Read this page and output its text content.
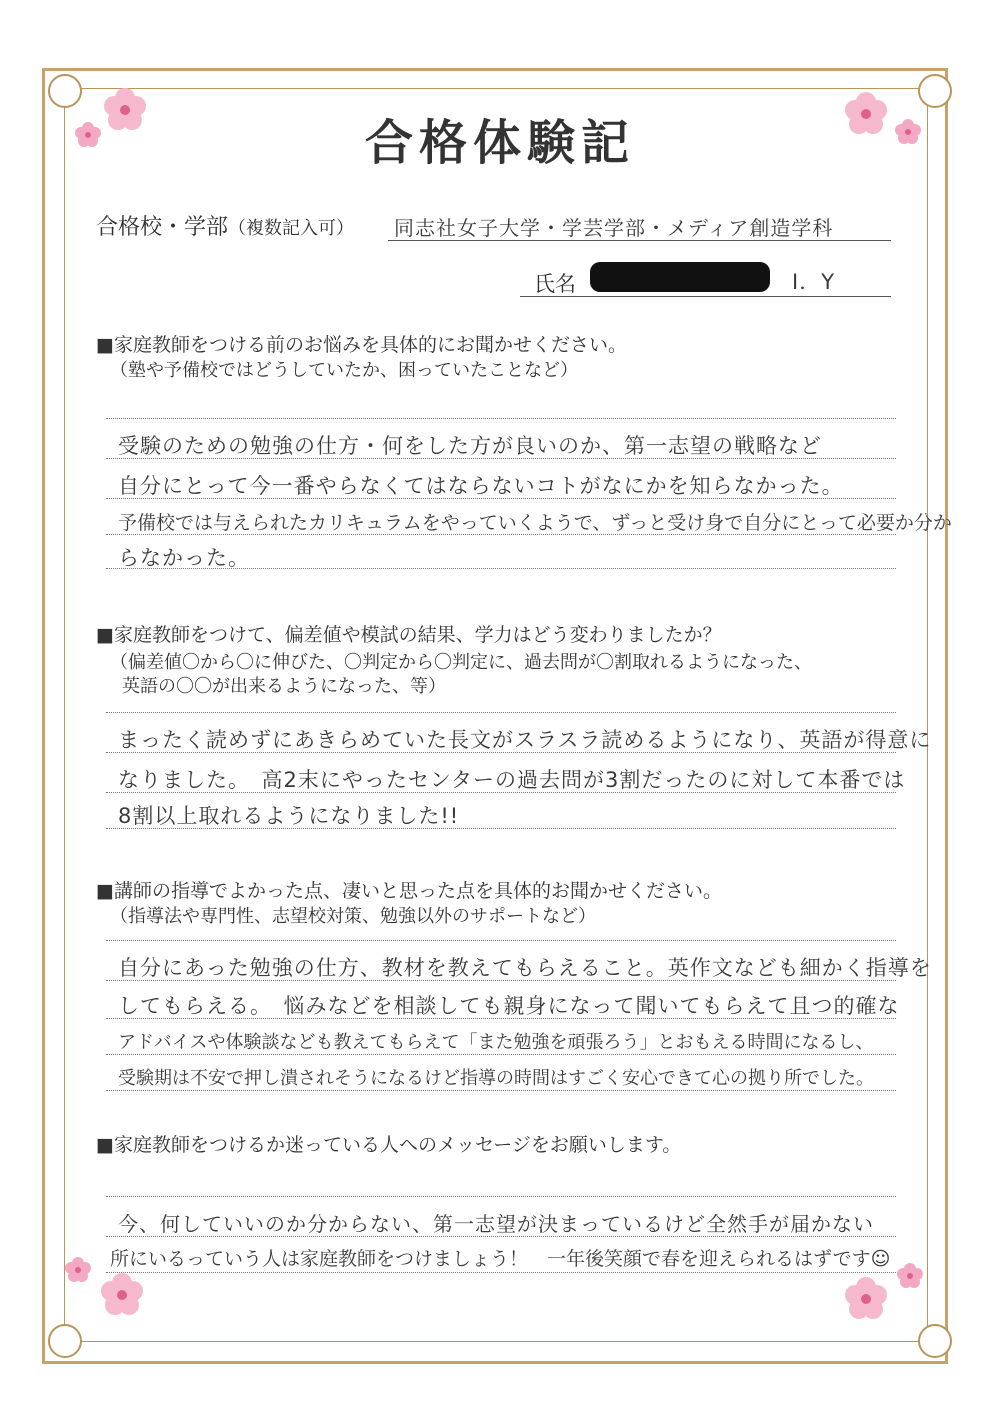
合格体験記
合格校・学部（複数記入可） 同志社女子大学・学芸学部・メディア創造学科
氏名	I．Y
■家庭教師をつける前のお悩みを具体的にお聞かせください。
（塾や予備校ではどうしていたか、困っていたことなど）
受験のための勉強の仕方・何をした方が良いのか、第一志望の戦略など
自分にとって今一番やらなくてはならないコトがなにかを知らなかった。
予備校では与えられたカリキュラムをやっていくようで、ずっと受け身で自分にとって必要か分か
らなかった。
■家庭教師をつけて、偏差値や模試の結果、学力はどう変わりましたか？
（偏差値〇から〇に伸びた、〇判定から〇判定に、過去問が〇割取れるようになった、
英語の〇〇が出来るようになった、等）
まったく読めずにあきらめていた長文がスラスラ読めるようになり、英語が得意に
なりました。　高2末にやったセンターの過去問が3割だったのに対して本番では
8割以上取れるようになりました!!
■講師の指導でよかった点、凄いと思った点を具体的お聞かせください。
（指導法や専門性、志望校対策、勉強以外のサポートなど）
自分にあった勉強の仕方、教材を教えてもらえること。英作文なども細かく指導を
してもらえる。　悩みなどを相談しても親身になって聞いてもらえて且つ的確な
アドバイスや体験談なども教えてもらえて「また勉強を頑張ろう」とおもえる時間になるし、
受験期は不安で押し潰されそうになるけど指導の時間はすごく安心できて心の拠り所でした。
■家庭教師をつけるか迷っている人へのメッセージをお願いします。
今、何していいのか分からない、第一志望が決まっているけど全然手が届かない
所にいるっていう人は家庭教師をつけましょう！　一年後笑顔で春を迎えられるはずです☺
